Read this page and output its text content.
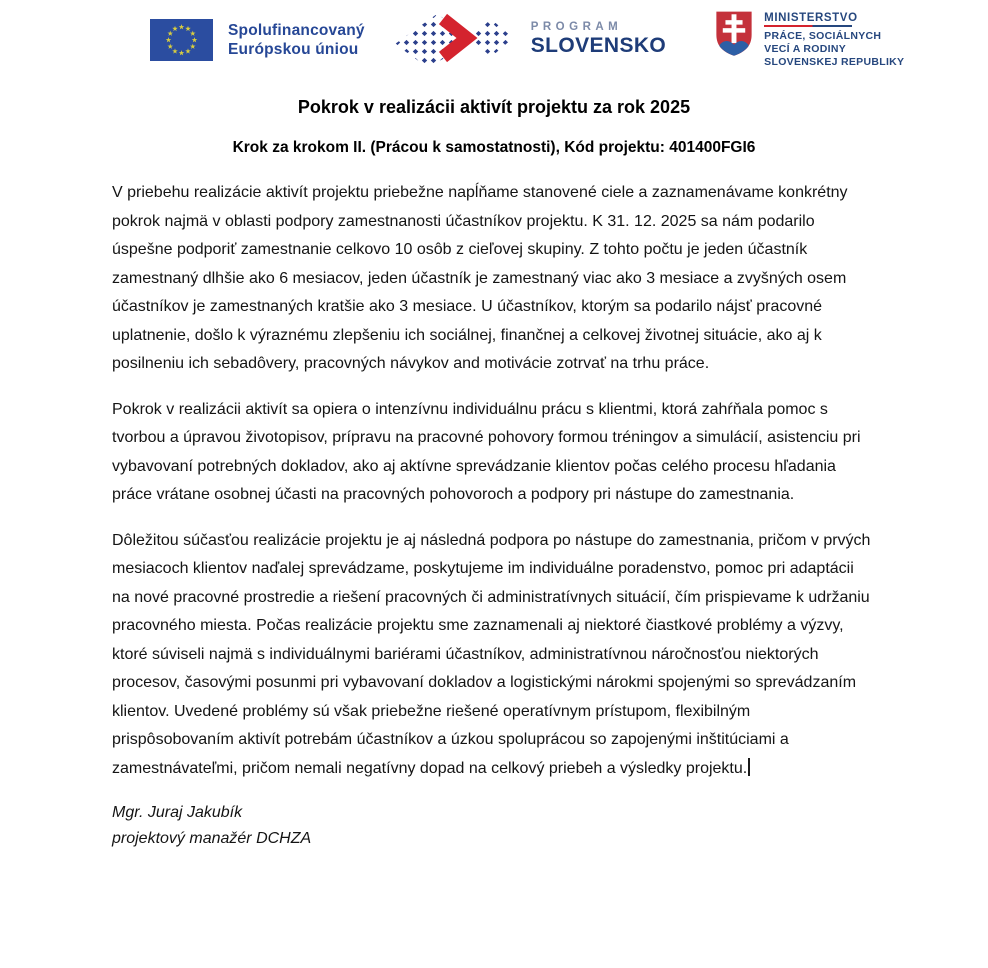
Spolufinancovaný
Európskou úniou
PROGRAM
SLOVENSKO
MINISTERSTVO
PRÁCE, SOCIÁLNYCH
VECÍ A RODINY
SLOVENSKEJ REPUBLIKY
Pokrok v realizácii aktivít projektu za rok 2025
Krok za krokom II. (Prácou k samostatnosti), Kód projektu: 401400FGI6

V priebehu realizácie aktivít projektu priebežne napĺňame stanovené ciele a zaznamenávame konkrétny pokrok najmä v oblasti podpory zamestnanosti účastníkov projektu. K 31. 12. 2025 sa nám podarilo úspešne podporiť zamestnanie celkovo 10 osôb z cieľovej skupiny. Z tohto počtu je jeden účastník zamestnaný dlhšie ako 6 mesiacov, jeden účastník je zamestnaný viac ako 3 mesiace a zvyšných osem účastníkov je zamestnaných kratšie ako 3 mesiace. U účastníkov, ktorým sa podarilo nájsť pracovné uplatnenie, došlo k výraznému zlepšeniu ich sociálnej, finančnej a celkovej životnej situácie, ako aj k posilneniu ich sebadôvery, pracovných návykov and motivácie zotrvať na trhu práce.

Pokrok v realizácii aktivít sa opiera o intenzívnu individuálnu prácu s klientmi, ktorá zahŕňala pomoc s tvorbou a úpravou životopisov, prípravu na pracovné pohovory formou tréningov a simulácií, asistenciu pri vybavovaní potrebných dokladov, ako aj aktívne sprevádzanie klientov počas celého procesu hľadania práce vrátane osobnej účasti na pracovných pohovoroch a podpory pri nástupe do zamestnania.

Dôležitou súčasťou realizácie projektu je aj následná podpora po nástupe do zamestnania, pričom v prvých mesiacoch klientov naďalej sprevádzame, poskytujeme im individuálne poradenstvo, pomoc pri adaptácii na nové pracovné prostredie a riešení pracovných či administratívnych situácií, čím prispievame k udržaniu pracovného miesta. Počas realizácie projektu sme zaznamenali aj niektoré čiastkové problémy a výzvy, ktoré súviseli najmä s individuálnymi bariérami účastníkov, administratívnou náročnosťou niektorých procesov, časovými posunmi pri vybavovaní dokladov a logistickými nárokmi spojenými so sprevádzaním klientov. Uvedené problémy sú však priebežne riešené operatívnym prístupom, flexibilným prispôsobovaním aktivít potrebám účastníkov a úzkou spoluprácou so zapojenými inštitúciami a zamestnávateľmi, pričom nemali negatívny dopad na celkový priebeh a výsledky projektu.

Mgr. Juraj Jakubík
projektový manažér DCHZA
